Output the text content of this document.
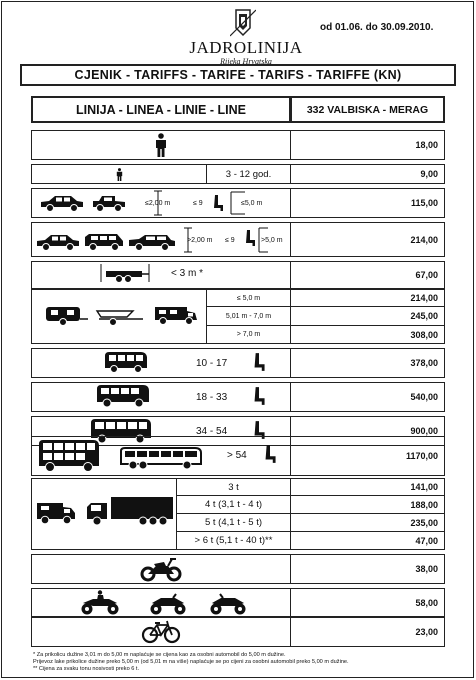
JADROLINIJA
Rijeka Hrvatska
od 01.06. do 30.09.2010.
CJENIK - TARIFFS - TARIFE - TARIFS - TARIFFE (KN)
LINIJA - LINEA - LINIE - LINE	332 VALBISKA - MERAG
18,00
3 - 12 god.	9,00
≤2,00 m	≤ 9	≤5,0 m	115,00
>2,00 m ≤ 9	>5,0 m	214,00
< 3 m *	67,00
≤ 5,0 m	214,00
5,01 m - 7,0 m	245,00
> 7,0 m	308,00
10 - 17	378,00
18 - 33	540,00
34 - 54	900,00
> 54	1170,00
3 t	141,00
4 t (3,1 t - 4 t)	188,00
5 t (4,1 t - 5 t)	235,00
> 6 t (5,1 t - 40 t)**	47,00
38,00
58,00
23,00
* Za prikolicu dužine 3,01 m do 5,00 m naplaćuje se cijena kao za osobni automobil do 5,00 m dužine.
Prijevoz lake prikolice dužine preko 5,00 m (od 5,01 m na više) naplaćuje se po cijeni za osobni automobil preko 5,00 m dužine.
** Cijena za svaku tonu nosivosti preko 6 t.
